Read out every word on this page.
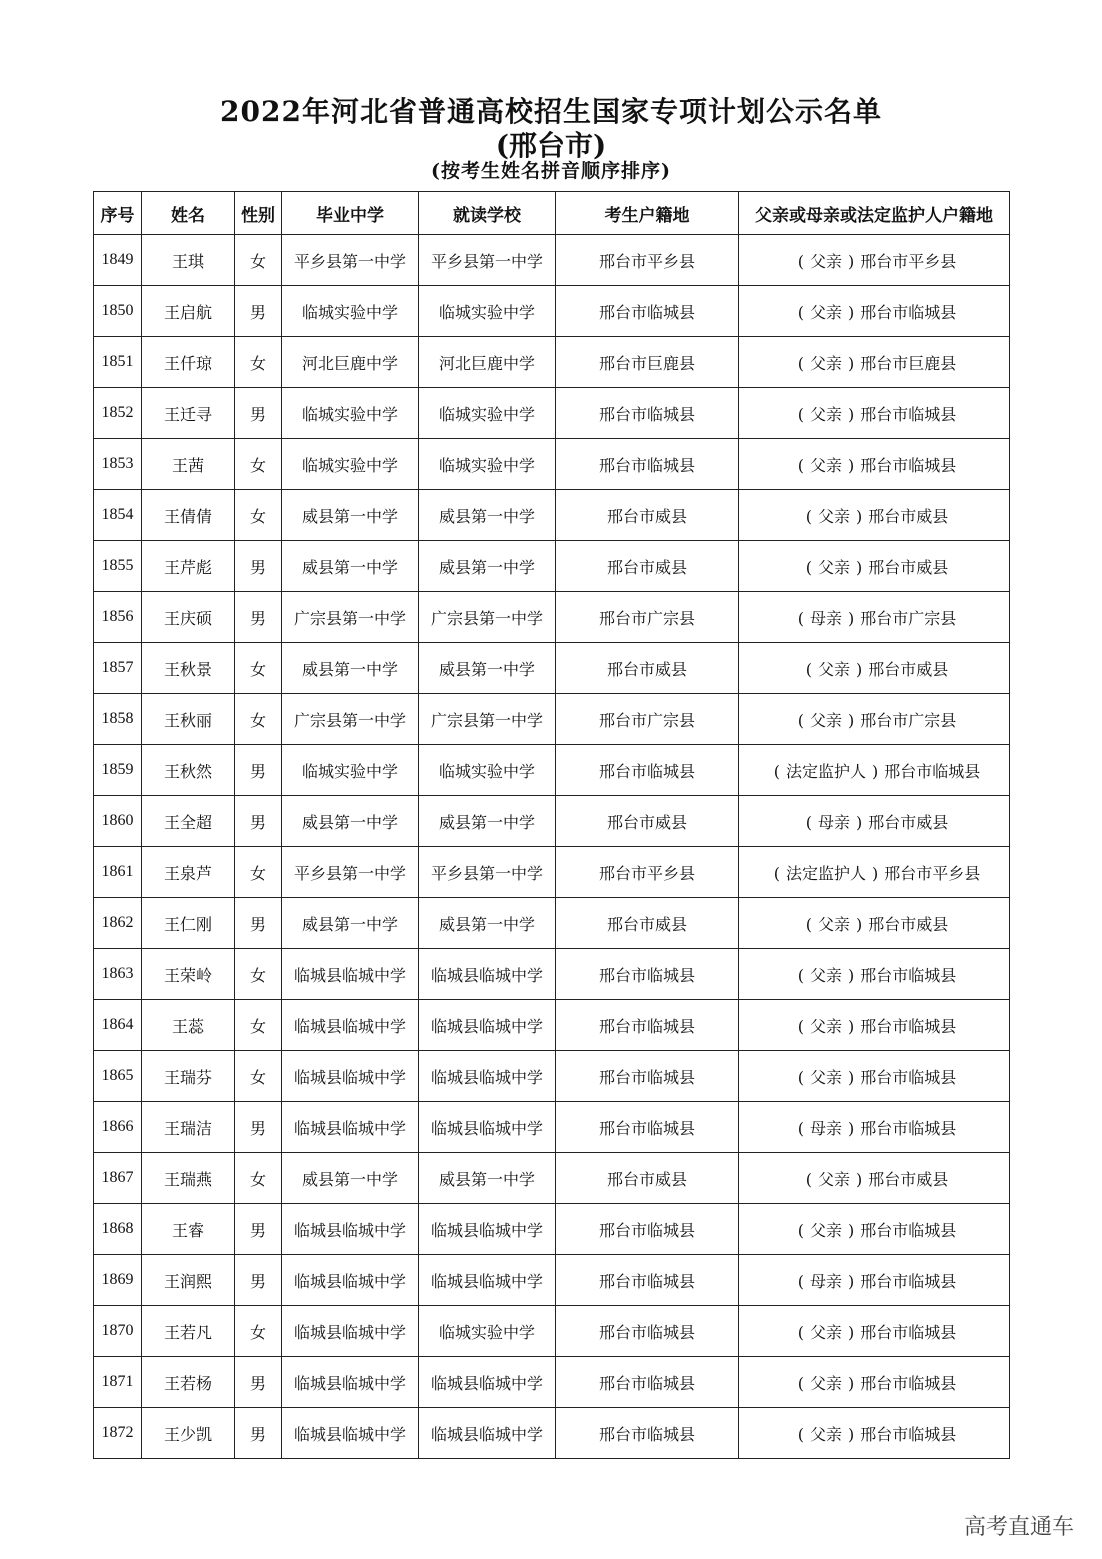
2022年河北省普通高校招生国家专项计划公示名单
(邢台市)
(按考生姓名拼音顺序排序)
序号	姓名	性别	毕业中学	就读学校	考生户籍地	父亲或母亲或法定监护人户籍地
1849	王琪	女	平乡县第一中学	平乡县第一中学	邢台市平乡县	( 父亲 ) 邢台市平乡县
1850	王启航	男	临城实验中学	临城实验中学	邢台市临城县	( 父亲 ) 邢台市临城县
1851	王仟琼	女	河北巨鹿中学	河北巨鹿中学	邢台市巨鹿县	( 父亲 ) 邢台市巨鹿县
1852	王迁寻	男	临城实验中学	临城实验中学	邢台市临城县	( 父亲 ) 邢台市临城县
1853	王茜	女	临城实验中学	临城实验中学	邢台市临城县	( 父亲 ) 邢台市临城县
1854	王倩倩	女	威县第一中学	威县第一中学	邢台市威县	( 父亲 ) 邢台市威县
1855	王芹彪	男	威县第一中学	威县第一中学	邢台市威县	( 父亲 ) 邢台市威县
1856	王庆硕	男	广宗县第一中学	广宗县第一中学	邢台市广宗县	( 母亲 ) 邢台市广宗县
1857	王秋景	女	威县第一中学	威县第一中学	邢台市威县	( 父亲 ) 邢台市威县
1858	王秋丽	女	广宗县第一中学	广宗县第一中学	邢台市广宗县	( 父亲 ) 邢台市广宗县
1859	王秋然	男	临城实验中学	临城实验中学	邢台市临城县	( 法定监护人 ) 邢台市临城县
1860	王全超	男	威县第一中学	威县第一中学	邢台市威县	( 母亲 ) 邢台市威县
1861	王泉芦	女	平乡县第一中学	平乡县第一中学	邢台市平乡县	( 法定监护人 ) 邢台市平乡县
1862	王仁刚	男	威县第一中学	威县第一中学	邢台市威县	( 父亲 ) 邢台市威县
1863	王荣岭	女	临城县临城中学	临城县临城中学	邢台市临城县	( 父亲 ) 邢台市临城县
1864	王蕊	女	临城县临城中学	临城县临城中学	邢台市临城县	( 父亲 ) 邢台市临城县
1865	王瑞芬	女	临城县临城中学	临城县临城中学	邢台市临城县	( 父亲 ) 邢台市临城县
1866	王瑞洁	男	临城县临城中学	临城县临城中学	邢台市临城县	( 母亲 ) 邢台市临城县
1867	王瑞燕	女	威县第一中学	威县第一中学	邢台市威县	( 父亲 ) 邢台市威县
1868	王睿	男	临城县临城中学	临城县临城中学	邢台市临城县	( 父亲 ) 邢台市临城县
1869	王润熙	男	临城县临城中学	临城县临城中学	邢台市临城县	( 母亲 ) 邢台市临城县
1870	王若凡	女	临城县临城中学	临城实验中学	邢台市临城县	( 父亲 ) 邢台市临城县
1871	王若杨	男	临城县临城中学	临城县临城中学	邢台市临城县	( 父亲 ) 邢台市临城县
1872	王少凯	男	临城县临城中学	临城县临城中学	邢台市临城县	( 父亲 ) 邢台市临城县
高考直通车
